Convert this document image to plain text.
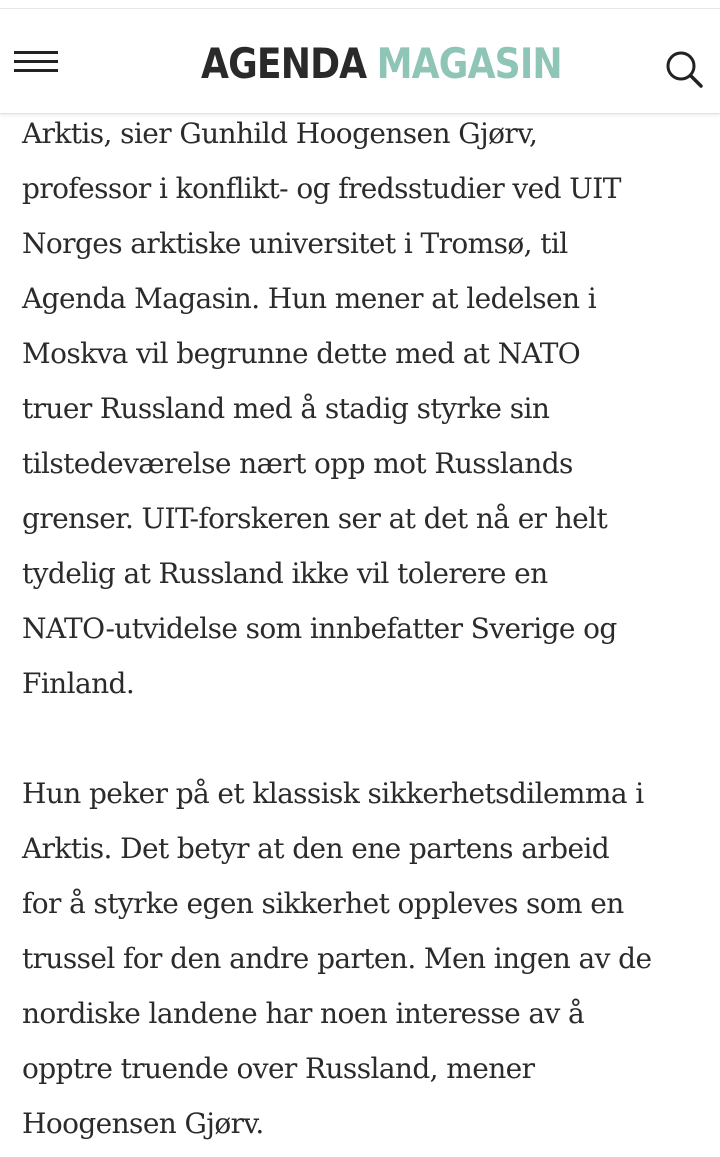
AGENDA MAGASIN

Arktis, sier Gunhild Hoogensen Gjørv,
professor i konflikt- og fredsstudier ved UIT
Norges arktiske universitet i Tromsø, til
Agenda Magasin. Hun mener at ledelsen i
Moskva vil begrunne dette med at NATO
truer Russland med å stadig styrke sin
tilstedeværelse nært opp mot Russlands
grenser. UIT-forskeren ser at det nå er helt
tydelig at Russland ikke vil tolerere en
NATO-utvidelse som innbefatter Sverige og
Finland.

Hun peker på et klassisk sikkerhetsdilemma i
Arktis. Det betyr at den ene partens arbeid
for å styrke egen sikkerhet oppleves som en
trussel for den andre parten. Men ingen av de
nordiske landene har noen interesse av å
opptre truende over Russland, mener
Hoogensen Gjørv.
